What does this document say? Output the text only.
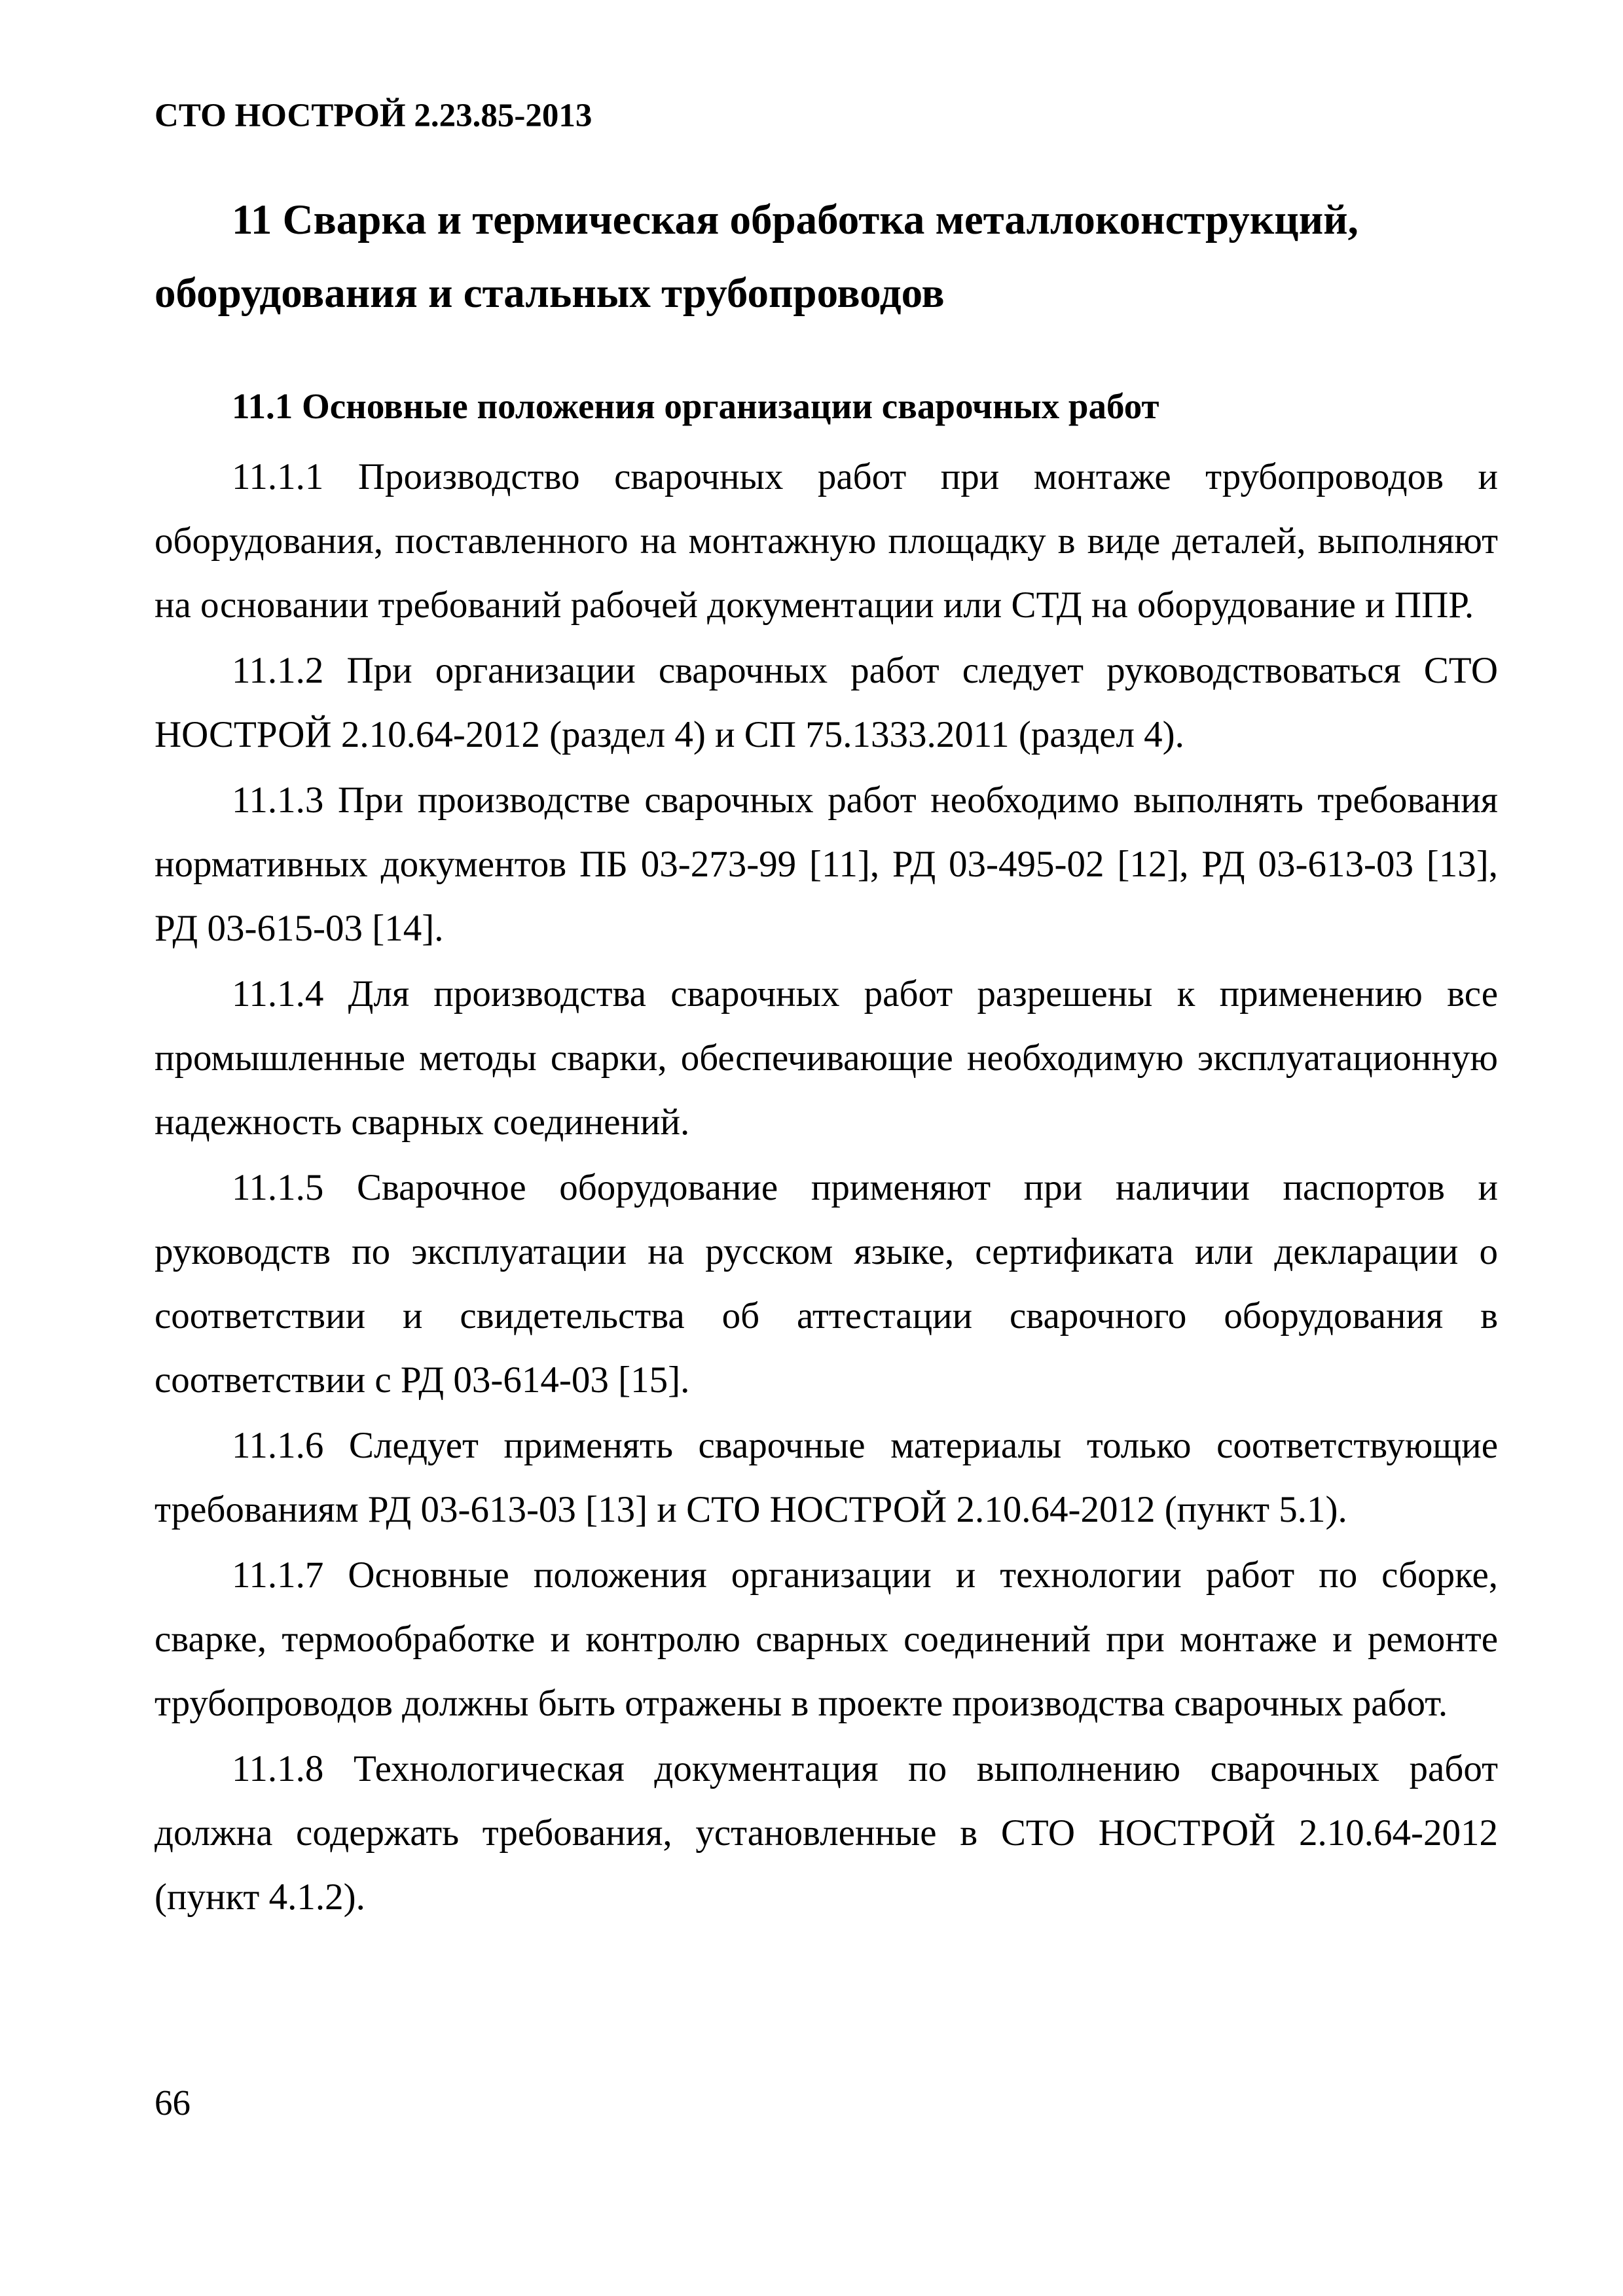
СТО НОСТРОЙ 2.23.85-2013
11 Сварка и термическая обработка металлоконструкций, оборудования и стальных трубопроводов
11.1 Основные положения организации сварочных работ

11.1.1 Производство сварочных работ при монтаже трубопроводов и оборудования, поставленного на монтажную площадку в виде деталей, выполняют на основании требований рабочей документации или СТД на оборудование и ППР.

11.1.2 При организации сварочных работ следует руководствоваться СТО НОСТРОЙ 2.10.64-2012 (раздел 4) и СП 75.1333.2011 (раздел 4).

11.1.3 При производстве сварочных работ необходимо выполнять требования нормативных документов ПБ 03-273-99 [11], РД 03-495-02 [12], РД 03-613-03 [13], РД 03-615-03 [14].

11.1.4 Для производства сварочных работ разрешены к применению все промышленные методы сварки, обеспечивающие необходимую эксплуатационную надежность сварных соединений.

11.1.5 Сварочное оборудование применяют при наличии паспортов и руководств по эксплуатации на русском языке, сертификата или декларации о соответствии и свидетельства об аттестации сварочного оборудования в соответствии с РД 03-614-03 [15].

11.1.6 Следует применять сварочные материалы только соответствующие требованиям РД 03-613-03 [13] и СТО НОСТРОЙ 2.10.64-2012 (пункт 5.1).

11.1.7 Основные положения организации и технологии работ по сборке, сварке, термообработке и контролю сварных соединений при монтаже и ремонте трубопроводов должны быть отражены в проекте производства сварочных работ.

11.1.8 Технологическая документация по выполнению сварочных работ должна содержать требования, установленные в СТО НОСТРОЙ 2.10.64-2012 (пункт 4.1.2).

66
